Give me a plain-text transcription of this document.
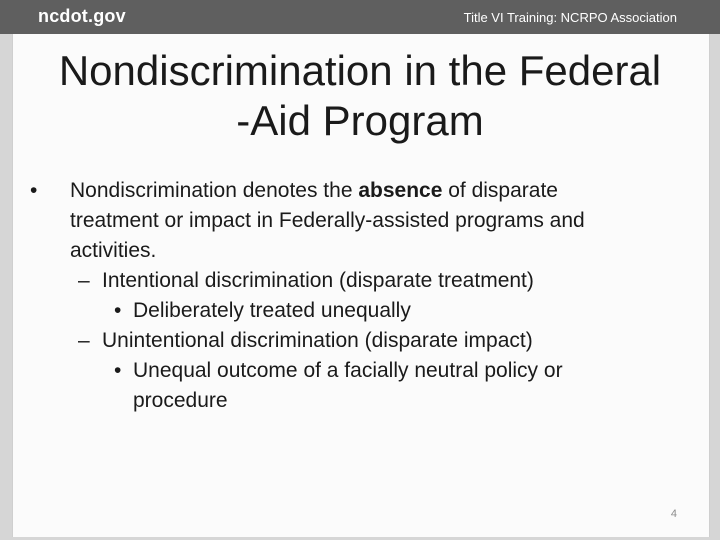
ncdot.gov	Title VI Training: NCRPO Association
Nondiscrimination in the Federal
-Aid Program
• Nondiscrimination denotes the absence of disparate
treatment or impact in Federally-assisted programs and
activities.
– Intentional discrimination (disparate treatment)
• Deliberately treated unequally
– Unintentional discrimination (disparate impact)
• Unequal outcome of a facially neutral policy or
procedure
4
